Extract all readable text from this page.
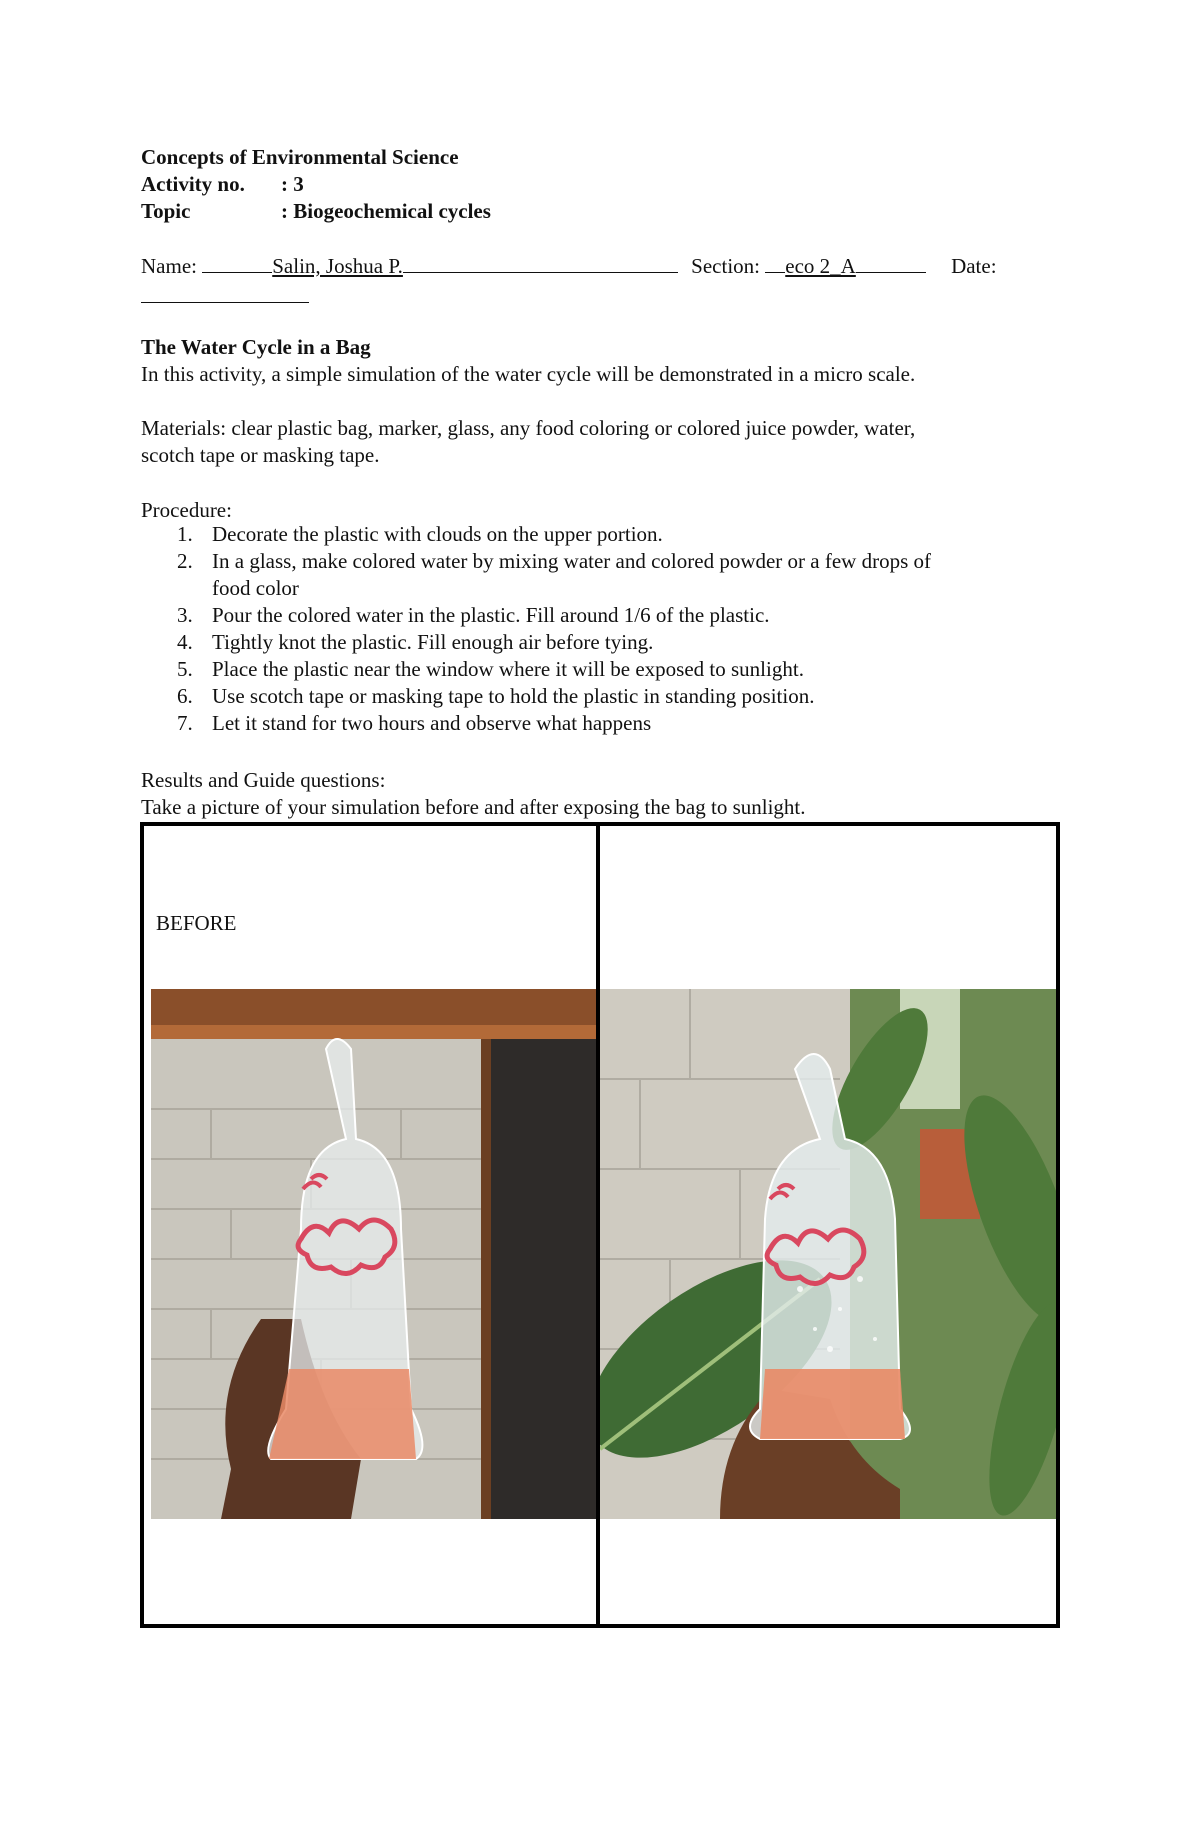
Concepts of Environmental Science
Activity no. : 3
Topic	: Biogeochemical cycles
Name:	Salin, Joshua P.	Section: eco 2_A	Date:
The Water Cycle in a Bag
In this activity, a simple simulation of the water cycle will be demonstrated in a micro scale.
Materials: clear plastic bag, marker, glass, any food coloring or colored juice powder, water,
scotch tape or masking tape.
Procedure:
1. Decorate the plastic with clouds on the upper portion.
2. In a glass, make colored water by mixing water and colored powder or a few drops of
food color
3. Pour the colored water in the plastic. Fill around 1/6 of the plastic.
4. Tightly knot the plastic. Fill enough air before tying.
5. Place the plastic near the window where it will be exposed to sunlight.
6. Use scotch tape or masking tape to hold the plastic in standing position.
7. Let it stand for two hours and observe what happens
Results and Guide questions:
Take a picture of your simulation before and after exposing the bag to sunlight.
BEFORE
